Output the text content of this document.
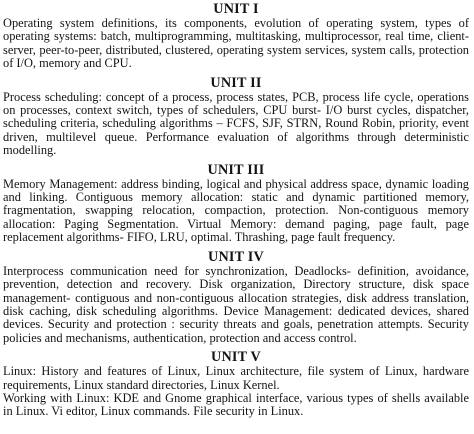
UNIT I
Operating system definitions, its components, evolution of operating system, types of
operating systems: batch, multiprogramming, multitasking, multiprocessor, real time, client-
server, peer-to-peer, distributed, clustered, operating system services, system calls, protection
of I/O, memory and CPU.
UNIT II
Process scheduling: concept of a process, process states, PCB, process life cycle, operations
on processes, context switch, types of schedulers, CPU burst- I/O burst cycles, dispatcher,
scheduling criteria, scheduling algorithms – FCFS, SJF, STRN, Round Robin, priority, event
driven, multilevel queue. Performance evaluation of algorithms through deterministic
modelling.
UNIT III
Memory Management: address binding, logical and physical address space, dynamic loading
and linking. Contiguous memory allocation: static and dynamic partitioned memory,
fragmentation, swapping relocation, compaction, protection. Non-contiguous memory
allocation: Paging Segmentation. Virtual Memory: demand paging, page fault, page
replacement algorithms- FIFO, LRU, optimal. Thrashing, page fault frequency.
UNIT IV
Interprocess communication need for synchronization, Deadlocks- definition, avoidance,
prevention, detection and recovery. Disk organization, Directory structure, disk space
management- contiguous and non-contiguous allocation strategies, disk address translation,
disk caching, disk scheduling algorithms. Device Management: dedicated devices, shared
devices. Security and protection : security threats and goals, penetration attempts. Security
policies and mechanisms, authentication, protection and access control.
UNIT V
Linux: History and features of Linux, Linux architecture, file system of Linux, hardware
requirements, Linux standard directories, Linux Kernel.
Working with Linux: KDE and Gnome graphical interface, various types of shells available
in Linux. Vi editor, Linux commands. File security in Linux.
